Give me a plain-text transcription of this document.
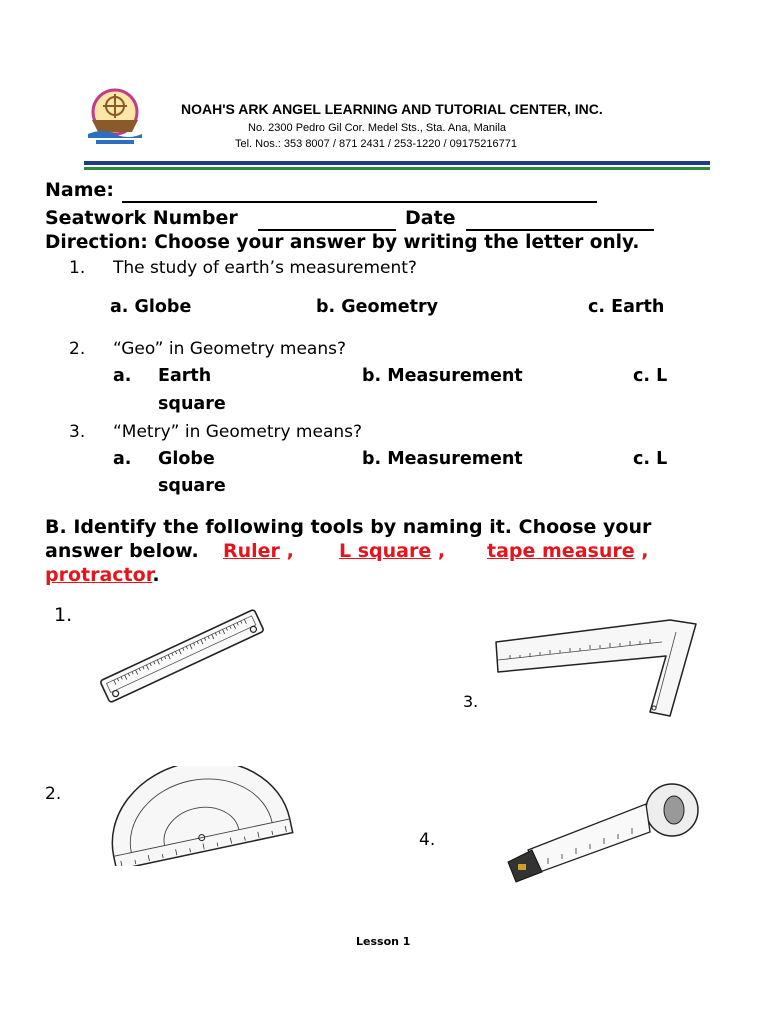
NOAH'S ARK ANGEL LEARNING AND TUTORIAL CENTER, INC.
No. 2300 Pedro Gil Cor. Medel Sts., Sta. Ana, Manila
Tel. Nos.: 353 8007 / 871 2431 / 253-1220 / 09175216771
Name:
Seatwork Number	Date
Direction: Choose your answer by writing the letter only.
1. The study of earth’s measurement?
a. Globe	b. Geometry	c. Earth
2. “Geo” in Geometry means?
a. Earth	b. Measurement	c. L
square
3. “Metry” in Geometry means?
a. Globe	b. Measurement	c. L
square
B. Identify the following tools by naming it. Choose your
answer below. Ruler , L square , tape measure ,
protractor.
1.
3.
2.
4.
Lesson 1
